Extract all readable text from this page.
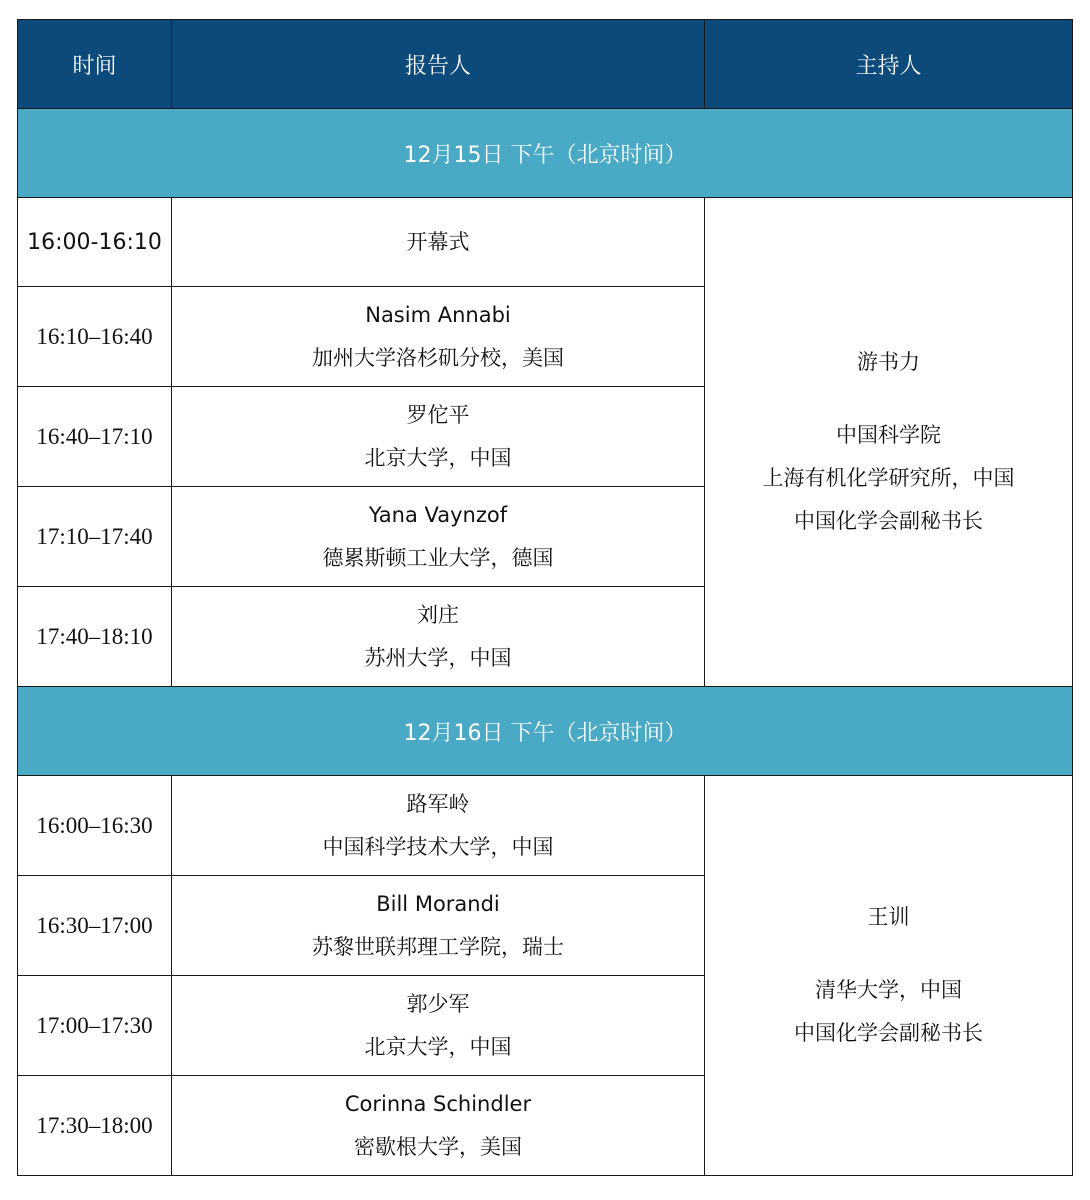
时间	报告人	主持人
12月15日 下午（北京时间）		
16:00-16:10	开幕式	游书力
中国科学院
上海有机化学研究所，中国
中国化学会副秘书长

16:10–16:40	Nasim Annabi
加州大学洛杉矶分校，美国	

16:40–17:10	罗佗平
北京大学，中国	

17:10–17:40	Yana Vaynzof
德累斯顿工业大学，德国	

17:40–18:10	刘庄
苏州大学，中国	

12月16日 下午（北京时间）		
16:00–16:30	路军岭
中国科学技术大学，中国	王训
清华大学，中国
中国化学会副秘书长

16:30–17:00	Bill Morandi
苏黎世联邦理工学院，瑞士	

17:00–17:30	郭少军
北京大学，中国	

17:30–18:00	Corinna Schindler
密歇根大学，美国	
